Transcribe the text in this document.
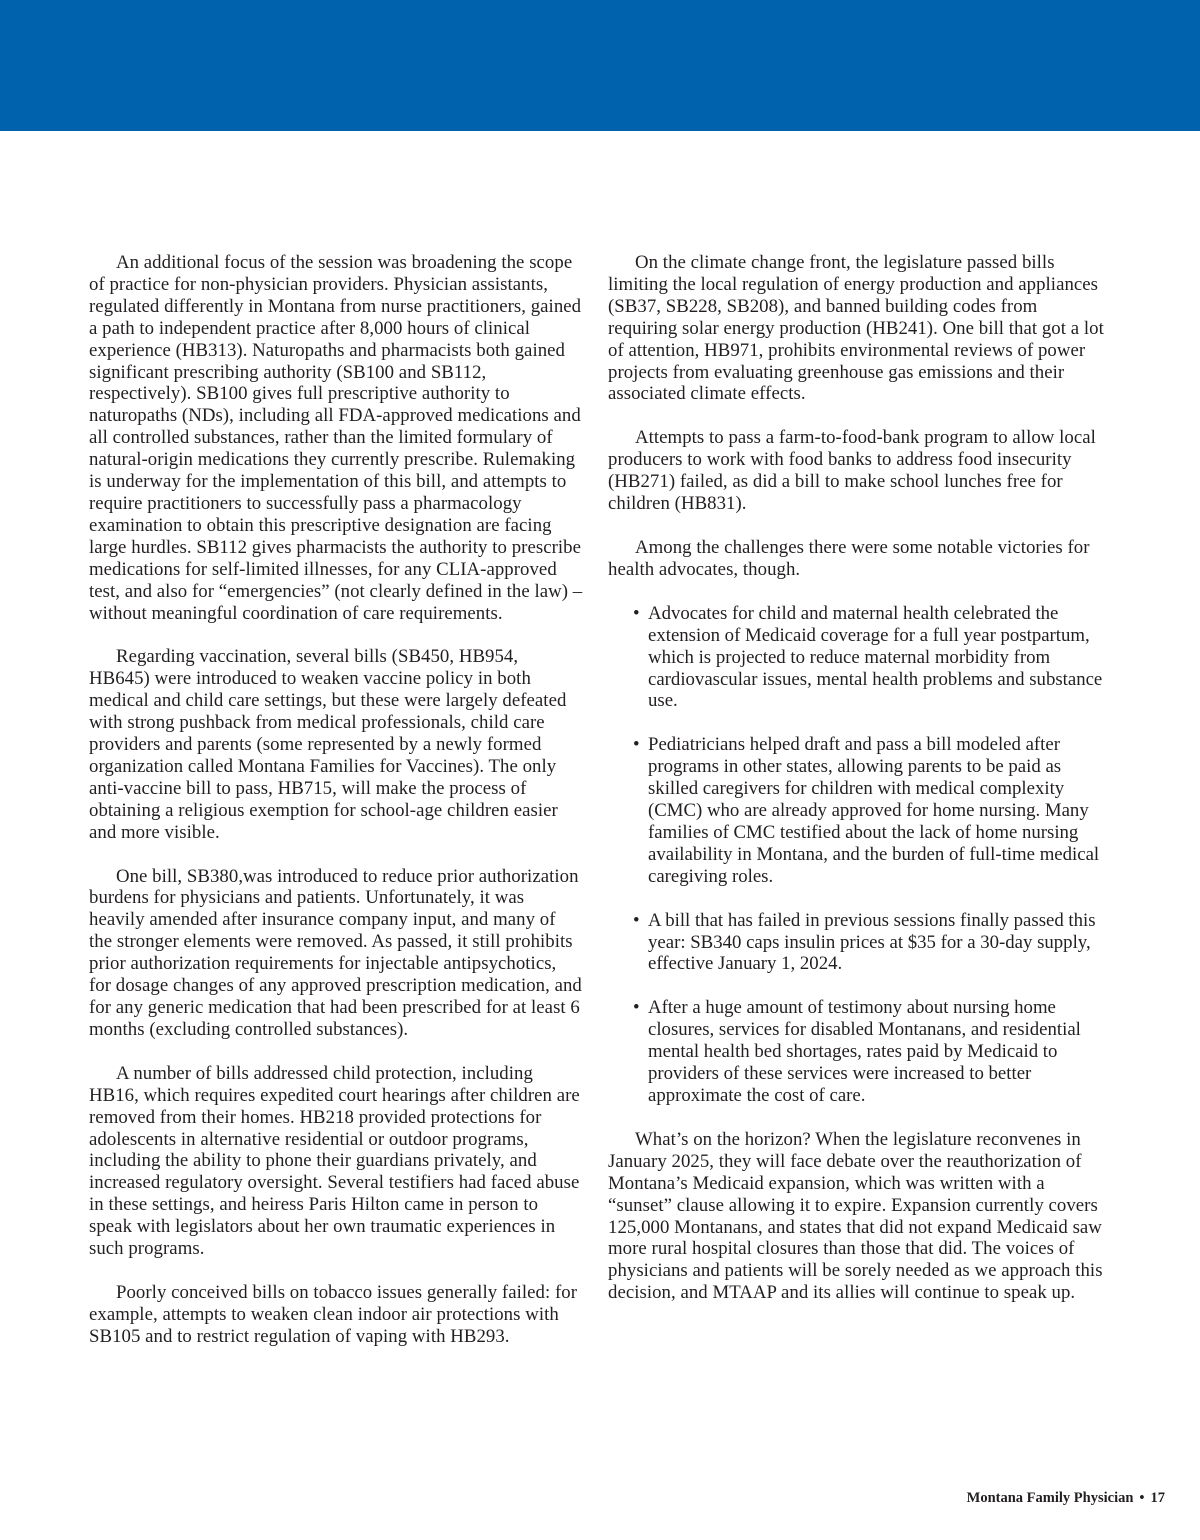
An additional focus of the session was broadening the scope of practice for non-physician providers. Physician assistants, regulated differently in Montana from nurse practitioners, gained a path to independent practice after 8,000 hours of clinical experience (HB313). Naturopaths and pharmacists both gained significant prescribing authority (SB100 and SB112, respectively). SB100 gives full prescriptive authority to naturopaths (NDs), including all FDA-approved medications and all controlled substances, rather than the limited formulary of natural-origin medications they currently prescribe. Rulemaking is underway for the implementation of this bill, and attempts to require practitioners to successfully pass a pharmacology examination to obtain this prescriptive designation are facing large hurdles. SB112 gives pharmacists the authority to prescribe medications for self-limited illnesses, for any CLIA-approved test, and also for “emergencies” (not clearly defined in the law) – without meaningful coordination of care requirements.

Regarding vaccination, several bills (SB450, HB954, HB645) were introduced to weaken vaccine policy in both medical and child care settings, but these were largely defeated with strong pushback from medical professionals, child care providers and parents (some represented by a newly formed organization called Montana Families for Vaccines). The only anti-vaccine bill to pass, HB715, will make the process of obtaining a religious exemption for school-age children easier and more visible.

One bill, SB380,was introduced to reduce prior authorization burdens for physicians and patients. Unfortunately, it was heavily amended after insurance company input, and many of the stronger elements were removed. As passed, it still prohibits prior authorization requirements for injectable antipsychotics, for dosage changes of any approved prescription medication, and for any generic medication that had been prescribed for at least 6 months (excluding controlled substances).

A number of bills addressed child protection, including HB16, which requires expedited court hearings after children are removed from their homes. HB218 provided protections for adolescents in alternative residential or outdoor programs, including the ability to phone their guardians privately, and increased regulatory oversight. Several testifiers had faced abuse in these settings, and heiress Paris Hilton came in person to speak with legislators about her own traumatic experiences in such programs.

Poorly conceived bills on tobacco issues generally failed: for example, attempts to weaken clean indoor air protections with SB105 and to restrict regulation of vaping with HB293.

On the climate change front, the legislature passed bills limiting the local regulation of energy production and appliances (SB37, SB228, SB208), and banned building codes from requiring solar energy production (HB241). One bill that got a lot of attention, HB971, prohibits environmental reviews of power projects from evaluating greenhouse gas emissions and their associated climate effects.

Attempts to pass a farm-to-food-bank program to allow local producers to work with food banks to address food insecurity (HB271) failed, as did a bill to make school lunches free for children (HB831).

Among the challenges there were some notable victories for health advocates, though.

• Advocates for child and maternal health celebrated the extension of Medicaid coverage for a full year postpartum, which is projected to reduce maternal morbidity from cardiovascular issues, mental health problems and substance use.
• Pediatricians helped draft and pass a bill modeled after programs in other states, allowing parents to be paid as skilled caregivers for children with medical complexity (CMC) who are already approved for home nursing. Many families of CMC testified about the lack of home nursing availability in Montana, and the burden of full-time medical caregiving roles.
• A bill that has failed in previous sessions finally passed this year: SB340 caps insulin prices at $35 for a 30-day supply, effective January 1, 2024.
• After a huge amount of testimony about nursing home closures, services for disabled Montanans, and residential mental health bed shortages, rates paid by Medicaid to providers of these services were increased to better approximate the cost of care.

What’s on the horizon? When the legislature reconvenes in January 2025, they will face debate over the reauthorization of Montana’s Medicaid expansion, which was written with a “sunset” clause allowing it to expire. Expansion currently covers 125,000 Montanans, and states that did not expand Medicaid saw more rural hospital closures than those that did. The voices of physicians and patients will be sorely needed as we approach this decision, and MTAAP and its allies will continue to speak up.

Montana Family Physician • 17
